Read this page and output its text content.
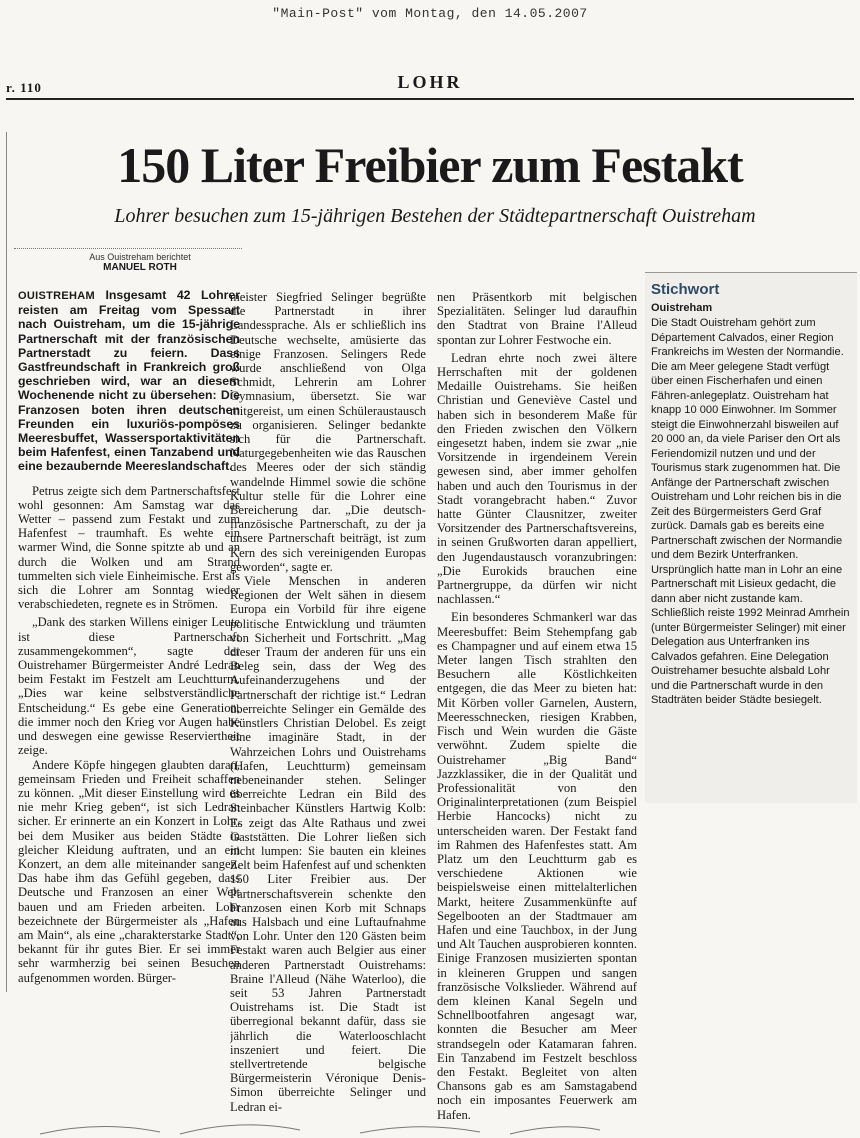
"Main-Post" vom Montag, den 14.05.2007
r. 110	LOHR
150 Liter Freibier zum Festakt
Lohrer besuchen zum 15-jährigen Bestehen der Städtepartnerschaft Ouistreham
Aus Ouistreham berichtet
MANUEL ROTH

OUISTREHAM Insgesamt 42 Lohrer reisten am Freitag vom Spessart nach Ouistreham, um die 15-jährige Partnerschaft mit der französischen Partnerstadt zu feiern. Dass Gastfreundschaft in Frankreich groß geschrieben wird, war an diesem Wochenende nicht zu übersehen: Die Franzosen boten ihren deutschen Freunden ein luxuriös-pompöses Meeresbuffet, Wassersportaktivitäten beim Hafenfest, einen Tanzabend und eine bezaubernde Meereslandschaft.

Petrus zeigte sich dem Partnerschaftsfest wohl gesonnen: Am Samstag war das Wetter – passend zum Festakt und zum Hafenfest – traumhaft. Es wehte ein warmer Wind, die Sonne spitzte ab und an durch die Wolken und am Strand tummelten sich viele Einheimische. Erst als sich die Lohrer am Sonntag wieder verabschiedeten, regnete es in Strömen.

„Dank des starken Willens einiger Leute ist diese Partnerschaft zusammengekommen“, sagte der Ouistrehamer Bürgermeister André Ledran beim Festakt im Festzelt am Leuchtturm. „Dies war keine selbstverständliche Entscheidung.“ Es gebe eine Generation, die immer noch den Krieg vor Augen habe und deswegen eine gewisse Reserviertheit zeige.

Andere Köpfe hingegen glaubten daran, gemeinsam Frieden und Freiheit schaffen zu können. „Mit dieser Einstellung wird es nie mehr Krieg geben“, ist sich Ledran sicher. Er erinnerte an ein Konzert in Lohr, bei dem Musiker aus beiden Städte in gleicher Kleidung auftraten, und an ein Konzert, an dem alle miteinander sangen. Das habe ihm das Gefühl gegeben, dass Deutsche und Franzosen an einer Welt bauen und am Frieden arbeiten. Lohr bezeichnete der Bürgermeister als „Hafen am Main“, als eine „charakterstarke Stadt“, bekannt für ihr gutes Bier. Er sei immer sehr warmherzig bei seinen Besuchen aufgenommen worden. Bürger-

meister Siegfried Selinger begrüßte die Partnerstadt in ihrer Landessprache. Als er schließlich ins Deutsche wechselte, amüsierte das einige Franzosen. Selingers Rede wurde anschließend von Olga Schmidt, Lehrerin am Lohrer Gymnasium, übersetzt. Sie war mitgereist, um einen Schüleraustausch zu organisieren. Selinger bedankte sich für die Partnerschaft. Naturgegebenheiten wie das Rauschen des Meeres oder der sich ständig wandelnde Himmel sowie die schöne Kultur stelle für die Lohrer eine Bereicherung dar. „Die deutsch-französische Partnerschaft, zu der ja unsere Partnerschaft beiträgt, ist zum Kern des sich vereinigenden Europas geworden“, sagte er.

Viele Menschen in anderen Regionen der Welt sähen in diesem Europa ein Vorbild für ihre eigene politische Entwicklung und träumten von Sicherheit und Fortschritt. „Mag dieser Traum der anderen für uns ein Beleg sein, dass der Weg des Aufeinanderzugehens und der Partnerschaft der richtige ist.“ Ledran überreichte Selinger ein Gemälde des Künstlers Christian Delobel. Es zeigt eine imaginäre Stadt, in der Wahrzeichen Lohrs und Ouistrehams (Hafen, Leuchtturm) gemeinsam nebeneinander stehen. Selinger überreichte Ledran ein Bild des Steinbacher Künstlers Hartwig Kolb: Es zeigt das Alte Rathaus und zwei Gaststätten. Die Lohrer ließen sich nicht lumpen: Sie bauten ein kleines Zelt beim Hafenfest auf und schenkten 150 Liter Freibier aus. Der Partnerschaftsverein schenkte den Franzosen einen Korb mit Schnaps aus Halsbach und eine Luftaufnahme von Lohr. Unter den 120 Gästen beim Festakt waren auch Belgier aus einer anderen Partnerstadt Ouistrehams: Braine l'Alleud (Nähe Waterloo), die seit 53 Jahren Partnerstadt Ouistrehams ist. Die Stadt ist überregional bekannt dafür, dass sie jährlich die Waterlooschlacht inszeniert und feiert. Die stellvertretende belgische Bürgermeisterin Véronique Denis-Simon überreichte Selinger und Ledran ei-

nen Präsentkorb mit belgischen Spezialitäten. Selinger lud daraufhin den Stadtrat von Braine l'Alleud spontan zur Lohrer Festwoche ein.

Ledran ehrte noch zwei ältere Herrschaften mit der goldenen Medaille Ouistrehams. Sie heißen Christian und Geneviève Castel und haben sich in besonderem Maße für den Frieden zwischen den Völkern eingesetzt haben, indem sie zwar „nie Vorsitzende in irgendeinem Verein gewesen sind, aber immer geholfen haben und auch den Tourismus in der Stadt vorangebracht haben.“ Zuvor hatte Günter Clausnitzer, zweiter Vorsitzender des Partnerschaftsvereins, in seinen Grußworten daran appelliert, den Jugendaustausch voranzubringen: „Die Eurokids brauchen eine Partnergruppe, da dürfen wir nicht nachlassen.“

Ein besonderes Schmankerl war das Meeresbuffet: Beim Stehempfang gab es Champagner und auf einem etwa 15 Meter langen Tisch strahlten den Besuchern alle Köstlichkeiten entgegen, die das Meer zu bieten hat: Mit Körben voller Garnelen, Austern, Meeresschnecken, riesigen Krabben, Fisch und Wein wurden die Gäste verwöhnt. Zudem spielte die Ouistrehamer „Big Band“ Jazzklassiker, die in der Qualität und Professionalität von den Originalinterpretationen (zum Beispiel Herbie Hancocks) nicht zu unterscheiden waren. Der Festakt fand im Rahmen des Hafenfestes statt. Am Platz um den Leuchtturm gab es verschiedene Aktionen wie beispielsweise einen mittelalterlichen Markt, heitere Zusammenkünfte auf Segelbooten an der Stadtmauer am Hafen und eine Tauchbox, in der Jung und Alt Tauchen ausprobieren konnten. Einige Franzosen musizierten spontan in kleineren Gruppen und sangen französische Volkslieder. Während auf dem kleinen Kanal Segeln und Schnellbootfahren angesagt war, konnten die Besucher am Meer strandsegeln oder Katamaran fahren. Ein Tanzabend im Festzelt beschloss den Festakt. Begleitet von alten Chansons gab es am Samstagabend noch ein imposantes Feuerwerk am Hafen.

Stichwort
Ouistreham
Die Stadt Ouistreham gehört zum Département Calvados, einer Region Frankreichs im Westen der Normandie. Die am Meer gelegene Stadt verfügt über einen Fischerhafen und einen Fähren-anlegeplatz. Ouistreham hat knapp 10 000 Einwohner. Im Sommer steigt die Einwohnerzahl bisweilen auf 20 000 an, da viele Pariser den Ort als Feriendomizil nutzen und und der Tourismus stark zugenommen hat. Die Anfänge der Partnerschaft zwischen Ouistreham und Lohr reichen bis in die Zeit des Bürgermeisters Gerd Graf zurück. Damals gab es bereits eine Partnerschaft zwischen der Normandie und dem Bezirk Unterfranken. Ursprünglich hatte man in Lohr an eine Partnerschaft mit Lisieux gedacht, die dann aber nicht zustande kam. Schließlich reiste 1992 Meinrad Amrhein (unter Bürgermeister Selinger) mit einer Delegation aus Unterfranken ins Calvados gefahren. Eine Delegation Ouistrehamer besuchte alsbald Lohr und die Partnerschaft wurde in den Stadträten beider Städte besiegelt.
